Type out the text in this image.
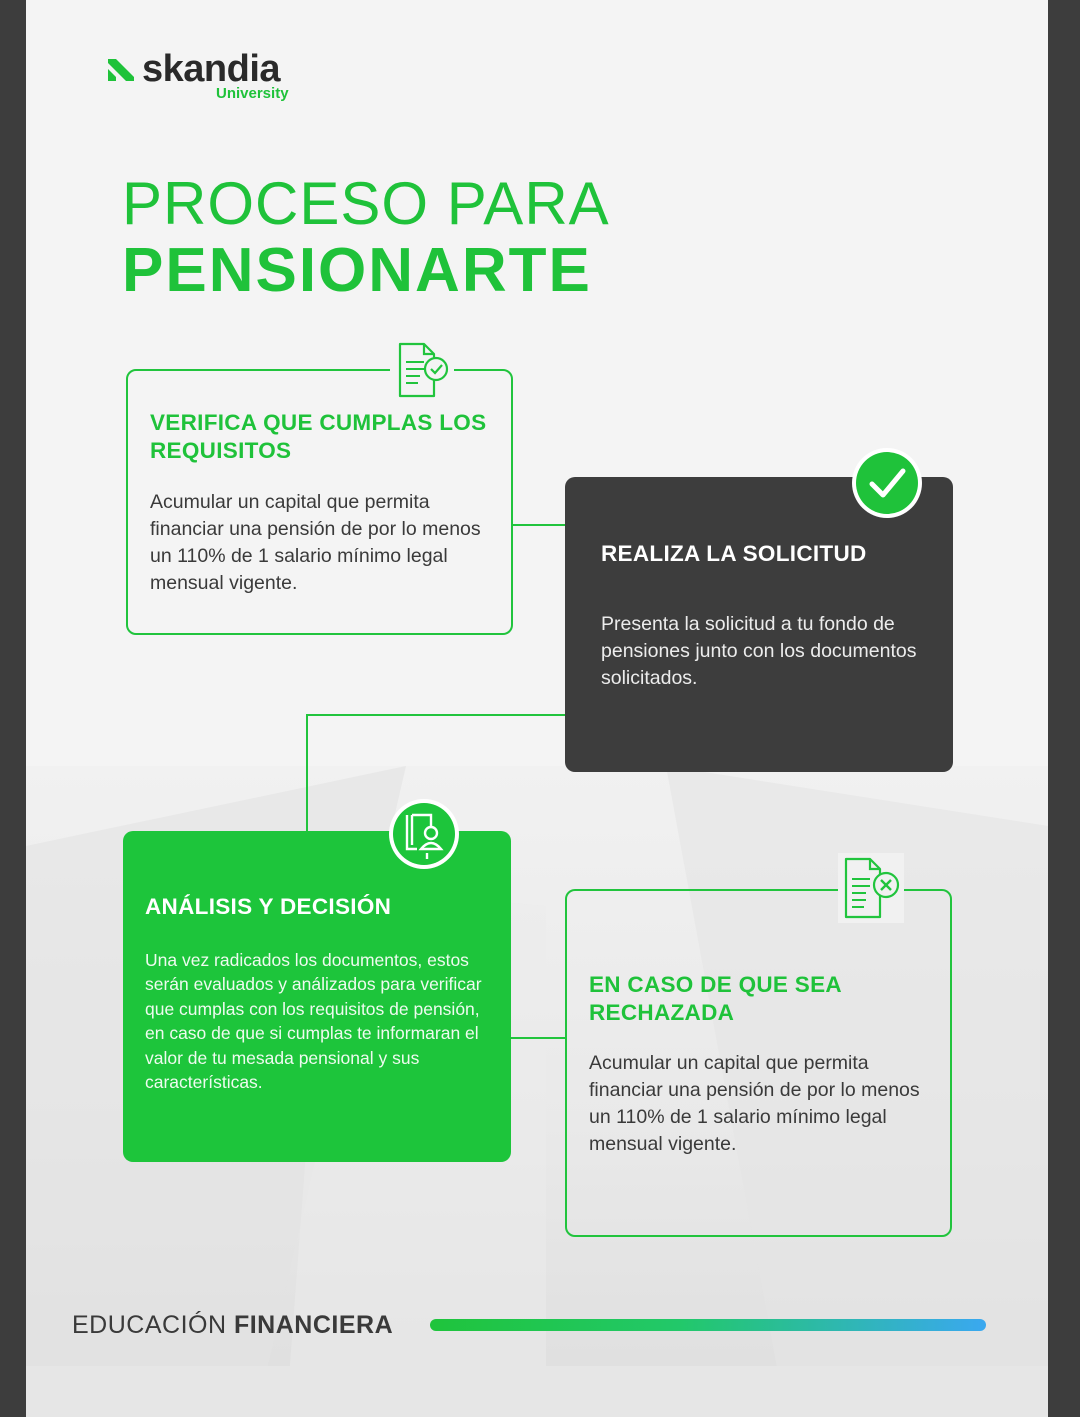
skandia
University
PROCESO PARA
PENSIONARTE
VERIFICA QUE CUMPLAS LOS REQUISITOS
Acumular un capital que permita financiar una pensión de por lo menos un 110% de 1 salario mínimo legal mensual vigente.
REALIZA LA SOLICITUD
Presenta la solicitud a tu fondo de pensiones junto con los documentos solicitados.
ANÁLISIS Y DECISIÓN
Una vez radicados los documentos, estos serán evaluados y análizados para verificar que cumplas con los requisitos de pensión, en caso de que si cumplas te informaran el valor de tu mesada pensional y sus características.
EN CASO DE QUE SEA RECHAZADA
Acumular un capital que permita financiar una pensión de por lo menos un 110% de 1 salario mínimo legal mensual vigente.
EDUCACIÓN FINANCIERA
